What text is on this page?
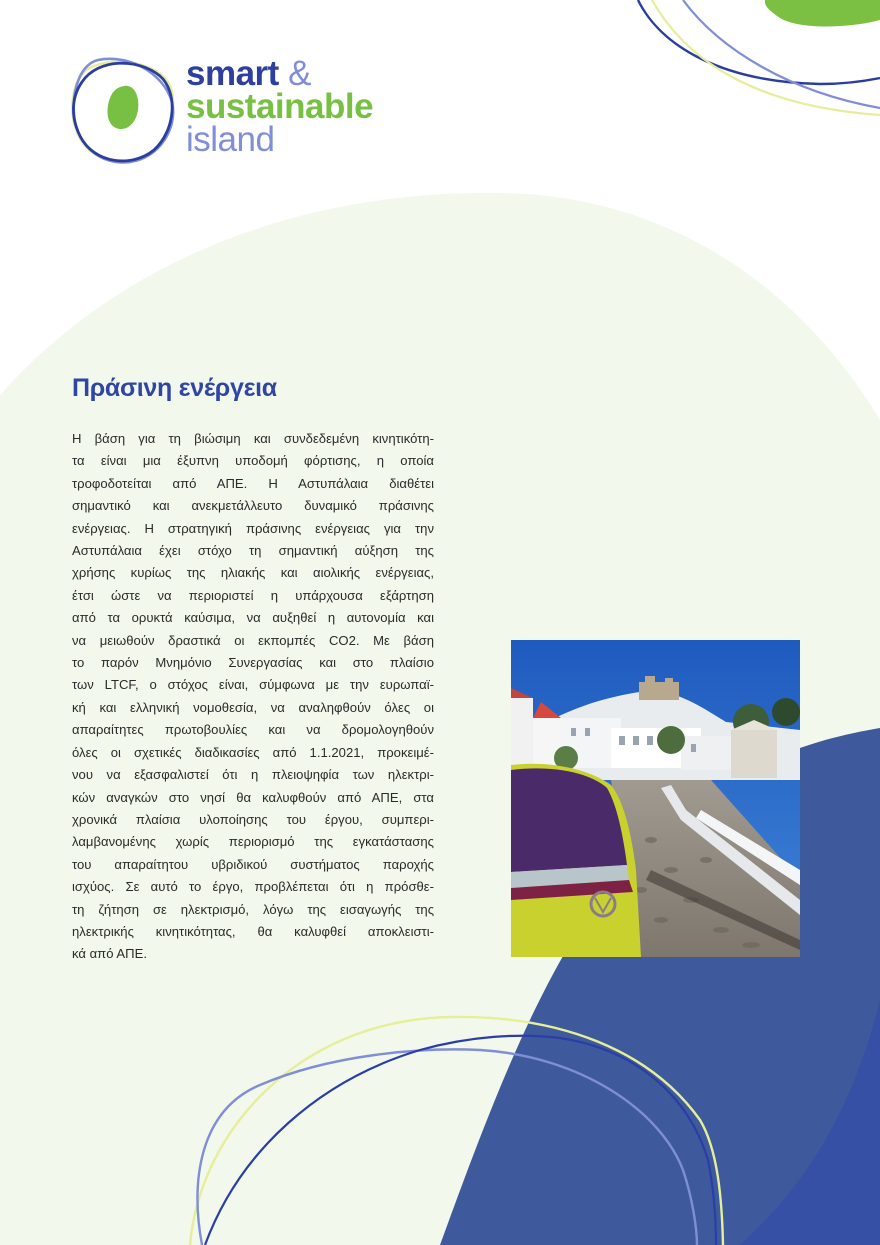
smart &
sustainable
island
Πράσινη ενέργεια
Η βάση για τη βιώσιμη και συνδεδεμένη κινητικότη-
τα είναι μια έξυπνη υποδομή φόρτισης, η οποία
τροφοδοτείται από ΑΠΕ. Η Αστυπάλαια διαθέτει
σημαντικό και ανεκμετάλλευτο δυναμικό πράσινης
ενέργειας. Η στρατηγική πράσινης ενέργειας για την
Αστυπάλαια έχει στόχο τη σημαντική αύξηση της
χρήσης κυρίως της ηλιακής και αιολικής ενέργειας,
έτσι ώστε να περιοριστεί η υπάρχουσα εξάρτηση
από τα ορυκτά καύσιμα, να αυξηθεί η αυτονομία και
να μειωθούν δραστικά οι εκπομπές CO2. Με βάση
το παρόν Μνημόνιο Συνεργασίας και στο πλαίσιο
των LTCF, ο στόχος είναι, σύμφωνα με την ευρωπαϊ-
κή και ελληνική νομοθεσία, να αναληφθούν όλες οι
απαραίτητες πρωτοβουλίες και να δρομολογηθούν
όλες οι σχετικές διαδικασίες από 1.1.2021, προκειμέ-
νου να εξασφαλιστεί ότι η πλειοψηφία των ηλεκτρι-
κών αναγκών στο νησί θα καλυφθούν από ΑΠΕ, στα
χρονικά πλαίσια υλοποίησης του έργου, συμπερι-
λαμβανομένης χωρίς περιορισμό της εγκατάστασης
του απαραίτητου υβριδικού συστήματος παροχής
ισχύος. Σε αυτό το έργο, προβλέπεται ότι η πρόσθε-
τη ζήτηση σε ηλεκτρισμό, λόγω της εισαγωγής της
ηλεκτρικής κινητικότητας, θα καλυφθεί αποκλειστι-
κά από ΑΠΕ.
